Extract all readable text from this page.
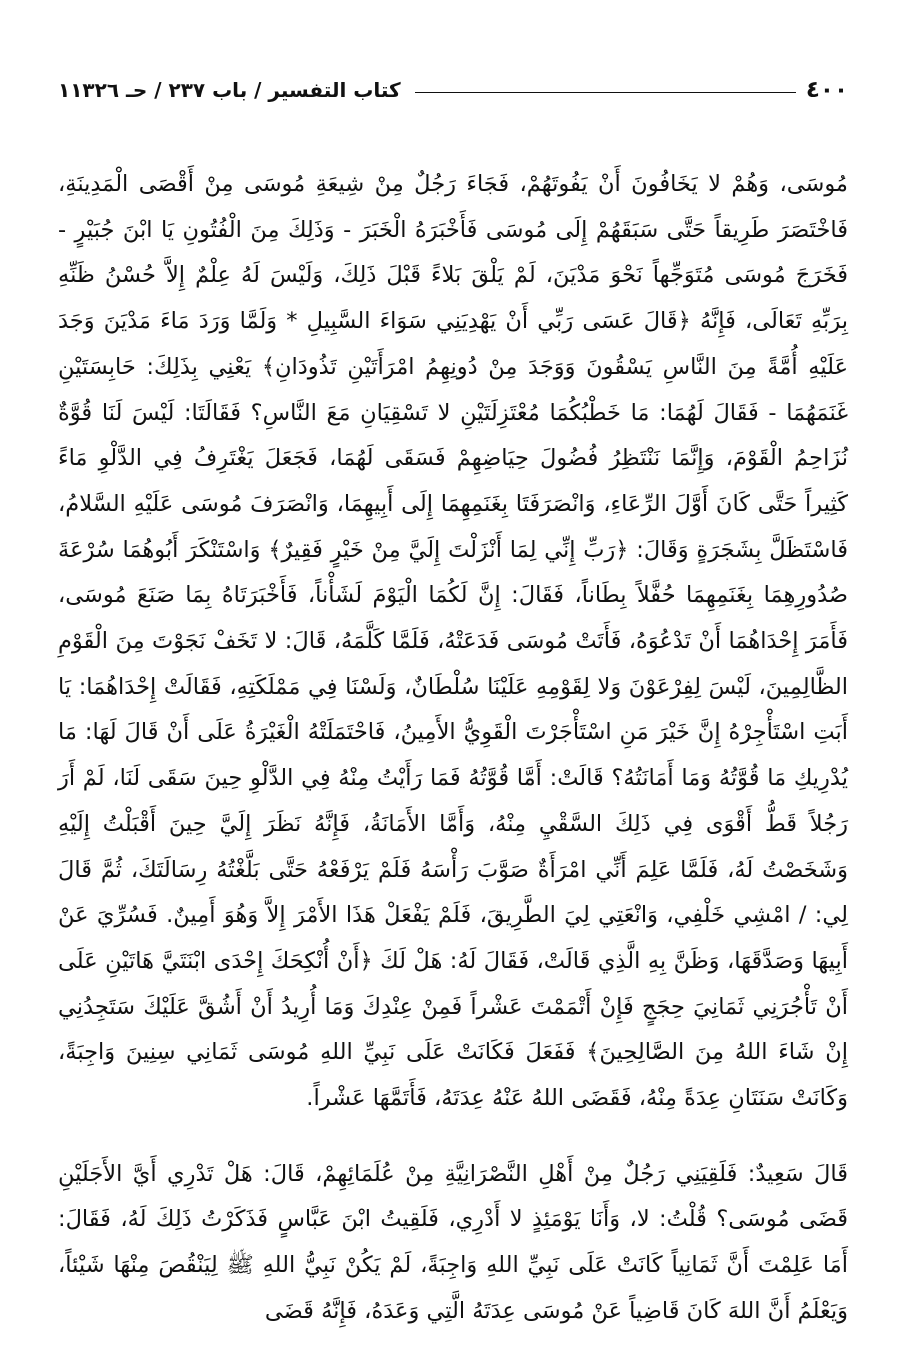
٤٠٠
كتاب التفسير / باب ٢٣٧ / حـ ١١٣٢٦

مُوسَى، وَهُمْ لا يَخَافُونَ أَنْ يَفُوتَهُمْ، فَجَاءَ رَجُلٌ مِنْ شِيعَةِ مُوسَى مِنْ أَقْصَى الْمَدِينَةِ، فَاخْتَصَرَ طَرِيقاً حَتَّى سَبَقَهُمْ إِلَى مُوسَى فَأَخْبَرَهُ الْخَبَرَ - وَذَلِكَ مِنَ الْفُتُونِ يَا ابْنَ جُبَيْرٍ - فَخَرَجَ مُوسَى مُتَوَجِّهاً نَحْوَ مَدْيَنَ، لَمْ يَلْقَ بَلاءً قَبْلَ ذَلِكَ، وَلَيْسَ لَهُ عِلْمٌ إِلاَّ حُسْنُ ظَنِّهِ بِرَبِّهِ تَعَالَى، فَإِنَّهُ ﴿قَالَ عَسَى رَبِّي أَنْ يَهْدِيَنِي سَوَاءَ السَّبِيلِ * وَلَمَّا وَرَدَ مَاءَ مَدْيَنَ وَجَدَ عَلَيْهِ أُمَّةً مِنَ النَّاسِ يَسْقُونَ وَوَجَدَ مِنْ دُونِهِمُ امْرَأَتَيْنِ تَذُودَانِ﴾ يَعْنِي بِذَلِكَ: حَابِسَتَيْنِ غَنَمَهُمَا - فَقَالَ لَهُمَا: مَا خَطْبُكُمَا مُعْتَزِلَتَيْنِ لا تَسْقِيَانِ مَعَ النَّاسِ؟ فَقَالَتَا: لَيْسَ لَنَا قُوَّةٌ نُزَاحِمُ الْقَوْمَ، وَإِنَّمَا نَنْتَظِرُ فُضُولَ حِيَاضِهِمْ فَسَقَى لَهُمَا، فَجَعَلَ يَغْتَرِفُ فِي الدَّلْوِ مَاءً كَثِيراً حَتَّى كَانَ أَوَّلَ الرِّعَاءِ، وَانْصَرَفَتَا بِغَنَمِهِمَا إِلَى أَبِيهِمَا، وَانْصَرَفَ مُوسَى عَلَيْهِ السَّلامُ، فَاسْتَظَلَّ بِشَجَرَةٍ وَقَالَ: ﴿رَبِّ إِنِّي لِمَا أَنْزَلْتَ إِلَيَّ مِنْ خَيْرٍ فَقِيرٌ﴾ وَاسْتَنْكَرَ أَبُوهُمَا سُرْعَةَ صُدُورِهِمَا بِغَنَمِهِمَا حُفَّلاً بِطَاناً، فَقَالَ: إِنَّ لَكُمَا الْيَوْمَ لَشَأْناً، فَأَخْبَرَتَاهُ بِمَا صَنَعَ مُوسَى، فَأَمَرَ إِحْدَاهُمَا أَنْ تَدْعُوَهُ، فَأَتَتْ مُوسَى فَدَعَتْهُ، فَلَمَّا كَلَّمَهُ، قَالَ: لا تَخَفْ نَجَوْتَ مِنَ الْقَوْمِ الظَّالِمِينَ، لَيْسَ لِفِرْعَوْنَ وَلا لِقَوْمِهِ عَلَيْنَا سُلْطَانٌ، وَلَسْنَا فِي مَمْلَكَتِهِ، فَقَالَتْ إِحْدَاهُمَا: يَا أَبَتِ اسْتَأْجِرْهُ إِنَّ خَيْرَ مَنِ اسْتَأْجَرْتَ الْقَوِيُّ الأَمِينُ، فَاحْتَمَلَتْهُ الْغَيْرَةُ عَلَى أَنْ قَالَ لَهَا: مَا يُدْرِيكِ مَا قُوَّتُهُ وَمَا أَمَانَتُهُ؟ قَالَتْ: أَمَّا قُوَّتُهُ فَمَا رَأَيْتُ مِنْهُ فِي الدَّلْوِ حِينَ سَقَى لَنَا، لَمْ أَرَ رَجُلاً قَطُّ أَقْوَى فِي ذَلِكَ السَّقْيِ مِنْهُ، وَأَمَّا الأَمَانَةُ، فَإِنَّهُ نَظَرَ إِلَيَّ حِينَ أَقْبَلْتُ إِلَيْهِ وَشَخَصْتُ لَهُ، فَلَمَّا عَلِمَ أَنِّي امْرَأَةٌ صَوَّبَ رَأْسَهُ فَلَمْ يَرْفَعْهُ حَتَّى بَلَّغْتُهُ رِسَالَتَكَ، ثُمَّ قَالَ لِي: / امْشِي خَلْفِي، وَانْعَتِي لِيَ الطَّرِيقَ، فَلَمْ يَفْعَلْ هَذَا الأَمْرَ إِلاَّ وَهُوَ أَمِينٌ. فَسُرِّيَ عَنْ أَبِيهَا وَصَدَّقَهَا، وَظَنَّ بِهِ الَّذِي قَالَتْ، فَقَالَ لَهُ: هَلْ لَكَ ﴿أَنْ أُنْكِحَكَ إِحْدَى ابْنَتَيَّ هَاتَيْنِ عَلَى أَنْ تَأْجُرَنِي ثَمَانِيَ حِجَجٍ فَإِنْ أَتْمَمْتَ عَشْراً فَمِنْ عِنْدِكَ وَمَا أُرِيدُ أَنْ أَشُقَّ عَلَيْكَ سَتَجِدُنِي إِنْ شَاءَ اللهُ مِنَ الصَّالِحِينَ﴾ فَفَعَلَ فَكَانَتْ عَلَى نَبِيِّ اللهِ مُوسَى ثَمَانِي سِنِينَ وَاجِبَةً، وَكَانَتْ سَنَتَانِ عِدَةً مِنْهُ، فَقَضَى اللهُ عَنْهُ عِدَتَهُ، فَأَتَمَّهَا عَشْراً.

قَالَ سَعِيدٌ: فَلَقِيَنِي رَجُلٌ مِنْ أَهْلِ النَّصْرَانِيَّةِ مِنْ عُلَمَائِهِمْ، قَالَ: هَلْ تَدْرِي أَيَّ الأَجَلَيْنِ قَضَى مُوسَى؟ قُلْتُ: لا، وَأَنَا يَوْمَئِذٍ لا أَدْرِي، فَلَقِيتُ ابْنَ عَبَّاسٍ فَذَكَرْتُ ذَلِكَ لَهُ، فَقَالَ: أَمَا عَلِمْتَ أَنَّ ثَمَانِياً كَانَتْ عَلَى نَبِيِّ اللهِ وَاجِبَةً، لَمْ يَكُنْ نَبِيُّ اللهِ ﷺ لِيَنْقُصَ مِنْهَا شَيْئاً، وَيَعْلَمُ أَنَّ اللهَ كَانَ قَاضِياً عَنْ مُوسَى عِدَتَهُ الَّتِي وَعَدَهُ، فَإِنَّهُ قَضَى
